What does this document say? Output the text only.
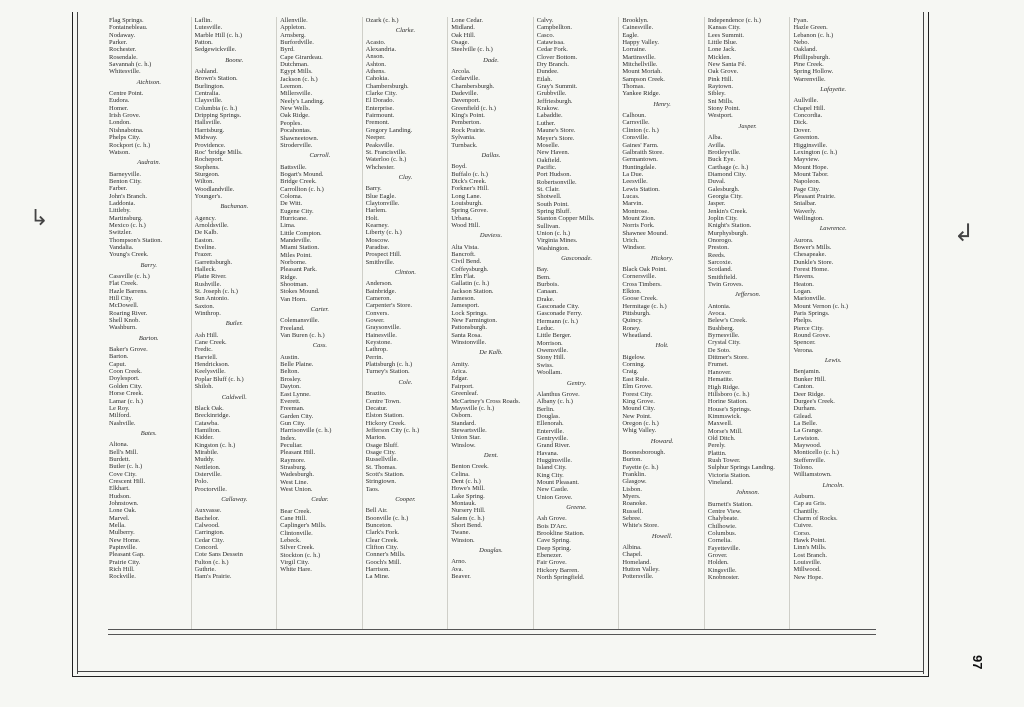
↳
↲
Flag Springs.
Fontainebleau.
Nodaway.
Parker.
Rochester.
Rosendale.
Savannah (c. h.)
Whitesville.
Atchison.
Centre Point.
Eudora.
Homer.
Irish Grove.
London.
Nishnabotna.
Phelps City.
Rockport (c. h.)
Watson.
Audrain.
Barneyville.
Benton City.
Farber.
John's Branch.
Laddonia.
Littleby.
Martinsburg.
Mexico (c. h.)
Switzler.
Thompson's Station.
Vandalia.
Young's Creek.
Barry.
Cassville (c. h.)
Flat Creek.
Hazle Barrens.
Hill City.
McDowell.
Roaring River.
Shell Knob.
Washburn.
Barton.
Baker's Grove.
Barton.
Caput.
Coon Creek.
Doylesport.
Golden City.
Horse Creek.
Lamar (c. h.)
Le Roy.
Milford.
Nashville.
Bates.
Altona.
Bell's Mill.
Burdett.
Butler (c. h.)
Cove City.
Crescent Hill.
Elkhart.
Hudson.
Johnstown.
Lone Oak.
Marvel.
Mella.
Mulberry.
New Home.
Papinville.
Pleasant Gap.
Prairie City.
Rich Hill.
Rockville.
Laflin.
Lutesville.
Marble Hill (c. h.)
Patton.
Sedgewickville.
Boone.
Ashland.
Brown's Station.
Burlington.
Centralia.
Claysville.
Columbia (c. h.)
Dripping Springs.
Hallsville.
Harrisburg.
Midway.
Providence.
Roc' 'bridge Mills.
Rocheport.
Stephens.
Sturgeon.
Wilton.
Woodlandville.
Younger's.
Buchanan.
Agency.
Arnoldsville.
De Kalb.
Easton.
Eveline.
Frazer.
Garrettsburgh.
Halleck.
Platte River.
Rushville.
St. Joseph (c. h.)
Sun Antonio.
Saxton.
Winthrop.
Butler.
Ash Hill.
Cane Creek.
Fredic.
Harviell.
Hendrickson.
Keelysville.
Poplar Bluff (c. h.)
Shiloh.
Caldwell.
Black Oak.
Breckinridge.
Catawba.
Hamilton.
Kidder.
Kingston (c. h.)
Mirabile.
Muddy.
Nettleton.
Osterville.
Polo.
Proctorville.
Callaway.
Auxvasse.
Bachelor.
Calwood.
Carrington.
Cedar City.
Concord.
Cote Sans Dessein
Fulton (c. h.)
Guthrie.
Ham's Prairie.
Allenville.
Appleton.
Arnsberg.
Burfordville.
Byrd.
Cape Girardeau.
Dutchman.
Egypt Mills.
Jackson (c. h.)
Leemon.
Millersville.
Neely's Landing.
New Wells.
Oak Ridge.
Peoples.
Pocahontas.
Shawneetown.
Stroderville.
Carroll.
Battsville.
Bogart's Mound.
Bridge Creek.
Carrollton (c. h.)
Coloma.
De Witt.
Eugene City.
Hurricane.
Lima.
Little Compton.
Mandeville.
Miami Station.
Miles Point.
Norborne.
Pleasant Park.
Ridge.
Shootman.
Stokes Mound.
Van Horn.
Carter.
Colemansville.
Freeland.
Van Buren (c. h.)
Cass.
Austin.
Belle Plaine.
Belton.
Brosley.
Dayton.
East Lynne.
Everett.
Freeman.
Garden City.
Gun City.
Harrisonville (c. h.)
Index.
Peculiar.
Pleasant Hill.
Raymore.
Strasburg.
Wadesburgh.
West Line.
West Union.
Cedar.
Bear Creek.
Cane Hill.
Caplinger's Mills.
Clintonville.
Lebeck.
Silver Creek.
Stockton (c. h.)
Virgil City.
White Hare.
Ozark (c. h.)
Clarke.
Acasto.
Alexandria.
Anson.
Ashton.
Athens.
Cahokia.
Chambersburgh.
Clarke City.
El Dorado.
Enterprise.
Fairmount.
Fremont.
Gregory Landing.
Neeper.
Peaksville.
St. Francisville.
Waterloo (c. h.)
Whchester.
Clay.
Barry.
Blue Eagle.
Claytonville.
Harlem.
Holt.
Kearney.
Liberty (c. h.)
Moscow.
Paradise.
Prospect Hill.
Smithville.
Clinton.
Anderson.
Bainbridge.
Cameron.
Carpenter's Store.
Convers.
Gower.
Graysonville.
Hainesville.
Keystone.
Lathrop.
Perrin.
Plattsburgh (c. h.)
Turney's Station.
Cole.
Brazito.
Centre Town.
Decatur.
Elston Station.
Hickory Creek.
Jefferson City (c. h.)
Marion.
Osage Bluff.
Osage City.
Russellville.
St. Thomas.
Scott's Station.
Stringtown.
Taos.
Cooper.
Bell Air.
Boonville (c. h.)
Bunceton.
Clark's Fork.
Clear Creek.
Clifton City.
Conner's Mills.
Gooch's Mill.
Harrison.
La Mine.
Lone Cedar.
Midland.
Oak Hill.
Osage.
Steelville (c. h.)
Dade.
Arcola.
Cedarville.
Chambersburgh.
Dadeville.
Davenport.
Greenfield (c. h.)
King's Point.
Pemberton.
Rock Prairie.
Sylvania.
Turnback.
Dallas.
Boyd.
Buffalo (c. h.)
Dick's Creek.
Forkner's Hill.
Long Lane.
Louisburgh.
Spring Grove.
Urbana.
Wood Hill.
Daviess.
Alta Vista.
Bancroft.
Civil Bend.
Coffeysburgh.
Elm Flat.
Gallatin (c. h.)
Jackson Station.
Jameson.
Jamesport.
Lock Springs.
New Farmington.
Pattonsburgh.
Santa Rosa.
Winstonville.
De Kalb.
Amity.
Arica.
Edgar.
Fairport.
Greenleaf.
McCartney's Cross Roads.
Maysville (c. h.)
Osborn.
Standard.
Stewartsville.
Union Star.
Winslow.
Dent.
Benton Creek.
Celina.
Dent (c. h.)
Howe's Mill.
Lake Spring.
Montauk.
Nursery Hill.
Salem (c. h.)
Short Bend.
Twane.
Winston.
Douglas.
Arno.
Ava.
Beaver.
Calvy.
Campbellton.
Casco.
Catawissa.
Cedar Fork.
Clover Bottom.
Dry Branch.
Dundee.
Etlah.
Gray's Summit.
Grubbville.
Jeffriesburgh.
Krakow.
Labaddie.
Luther.
Maune's Store.
Meyer's Store.
Moselle.
New Haven.
Oakfield.
Pacific.
Port Hudson.
Robertsonville.
St. Clair.
Shotwell.
South Point.
Spring Bluff.
Stanton Copper Mills.
Sullivan.
Union (c. h.)
Virginia Mines.
Washington.
Gasconade.
Bay.
Bem.
Burbois.
Canaan.
Drake.
Gasconade City.
Gasconade Ferry.
Hermann (c. h.)
Leduc.
Little Berger.
Morrison.
Owensville.
Stony Hill.
Swiss.
Woollam.
Gentry.
Alanthus Grove.
Albany (c. h.)
Berlin.
Douglas.
Ellenorah.
Enterville.
Gentryville.
Grand River.
Havana.
Hugginsville.
Island City.
King City.
Mount Pleasant.
New Castle.
Union Grove.
Greene.
Ash Grove.
Bois D'Arc.
Brookline Station.
Cave Spring.
Deep Spring.
Ebenezer.
Fair Grove.
Hickory Barren.
North Springfield.
Brooklyn.
Cainesville.
Eagle.
Happy Valley.
Lorraine.
Martinsville.
Mitchellville.
Mount Moriah.
Sampson Creek.
Thomas.
Yankee Ridge.
Henry.
Calhoun.
Carrsville.
Clinton (c. h.)
Consville.
Gaines' Farm.
Galbraith Store.
Germantown.
Huntingdale.
La Due.
Leesville.
Lewis Station.
Lucas.
Marvin.
Montrose.
Mount Zion.
Norris Fork.
Shawnee Mound.
Urich.
Windsor.
Hickory.
Black Oak Point.
Cornersville.
Cross Timbers.
Elkton.
Goose Creek.
Hermitage (c. h.)
Pittsburgh.
Quincy.
Roney.
Wheatland.
Holt.
Bigelow.
Corning.
Craig.
East Rule.
Elm Grove.
Forest City.
King Grove.
Mound City.
New Point.
Oregon (c. h.)
Whig Valley.
Howard.
Boonesborough.
Burton.
Fayette (c. h.)
Franklin.
Glasgow.
Lisbon.
Myers.
Roanoke.
Russell.
Sebree.
White's Store.
Howell.
Albina.
Chapel.
Homeland.
Hutton Valley.
Pottersville.
Independence (c. h.)
Kansas City.
Lees Summit.
Little Blue.
Lone Jack.
Micklen.
New Santa Fé.
Oak Grove.
Pink Hill.
Raytown.
Sibley.
Sni Mills.
Stony Point.
Westport.
Jasper.
Alba.
Avilla.
Brotleyville.
Buck Eye.
Carthage (c. h.)
Diamond City.
Duval.
Galesburgh.
Georgia City.
Jasper.
Jenkin's Creek.
Joplin City.
Knight's Station.
Murphysburgh.
Onorogo.
Preston.
Reeds.
Sarcoxie.
Scotland.
Smithfield.
Twin Groves.
Jefferson.
Antonia.
Avoca.
Belew's Creek.
Bushberg.
Byrnesville.
Crystal City.
De Soto.
Dittmer's Store.
Frumet.
Hanover.
Hematite.
High Ridge.
Hillsboro (c. h.)
Horine Station.
House's Springs.
Kimmswick.
Maxwell.
Morse's Mill.
Old Ditch.
Perely.
Plattin.
Rush Tower.
Sulphur Springs Landing.
Victoria Station.
Vineland.
Johnson.
Burnett's Station.
Centre View.
Chalybeate.
Chilhowie.
Columbus.
Cornelia.
Fayetteville.
Grover.
Holden.
Kingsville.
Knobnoster.
Fyan.
Hazle Green.
Lebanon (c. h.)
Nebo.
Oakland.
Phillipsburgh.
Pine Creek.
Spring Hollow.
Warrenville.
Lafayette.
Aullville.
Chapel Hill.
Concordia.
Dick.
Dover.
Greenton.
Higginsville.
Lexington (c. h.)
Mayview.
Mount Hope.
Mount Tabor.
Napoleon.
Page City.
Pleasant Prairie.
Snialbar.
Waverly.
Wellington.
Lawrence.
Aurora.
Bower's Mills.
Chesapeake.
Dunkle's Store.
Forest Home.
Havens.
Heaton.
Logan.
Marionville.
Mount Vernon (c. h.)
Paris Springs.
Phelps.
Pierce City.
Round Grove.
Spencer.
Verona.
Lewis.
Benjamin.
Bunker Hill.
Canton.
Deer Ridge.
Durgee's Creek.
Durham.
Gilead.
La Belle.
La Grange.
Lewiston.
Maywood.
Monticello (c. h.)
Steffenville.
Tolono.
Williamstown.
Lincoln.
Auburn.
Cap au Gris.
Chantilly.
Charm of Rocks.
Cuivre.
Corso.
Hawk Point.
Linn's Mills.
Lost Branch.
Louisville.
Millwood.
New Hope.
97
